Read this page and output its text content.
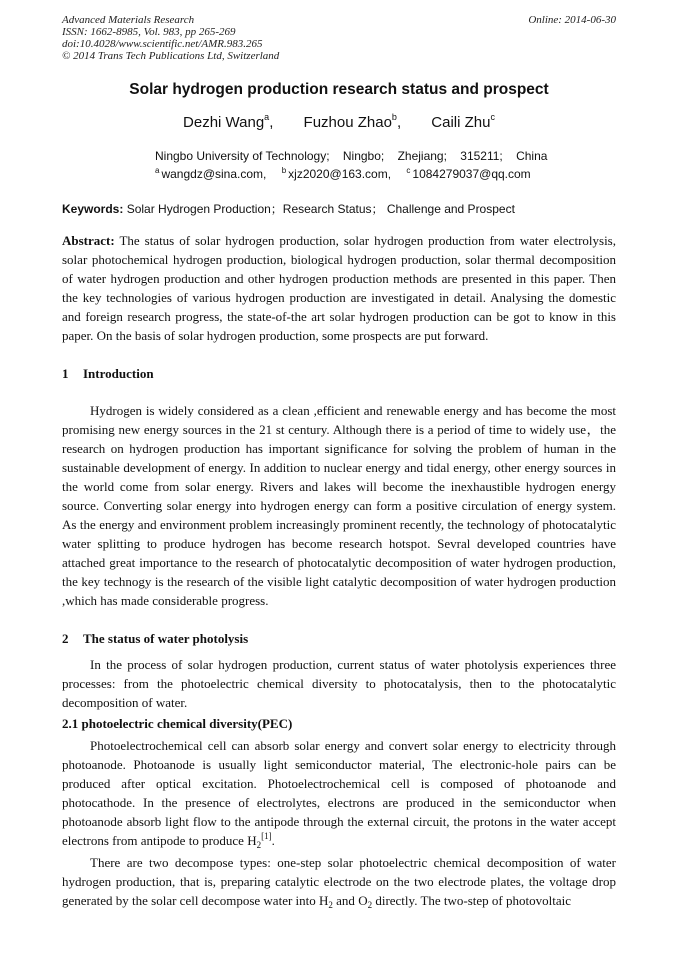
Advanced Materials Research
ISSN: 1662-8985, Vol. 983, pp 265-269
doi:10.4028/www.scientific.net/AMR.983.265
© 2014 Trans Tech Publications Ltd, Switzerland
Online: 2014-06-30
Solar hydrogen production research status and prospect
Dezhi Wang$^a$, Fuzhou Zhao$^b$, Caili Zhu$^c$
Ningbo University of Technology;    Ningbo;    Zhejiang;    315211;    China
$^a$ wangdz@sina.com, $^b$ xjz2020@163.com, $^c$ 1084279037@qq.com
Keywords: Solar Hydrogen Production；Research Status； Challenge and Prospect
Abstract: The status of solar hydrogen production, solar hydrogen production from water electrolysis, solar photochemical hydrogen production, biological hydrogen production, solar thermal decomposition of water hydrogen production and other hydrogen production methods are presented in this paper. Then the key technologies of various hydrogen production are investigated in detail. Analysing the domestic and foreign research progress, the state-of-the art solar hydrogen production can be got to know in this paper. On the basis of solar hydrogen production, some prospects are put forward.
1 Introduction
Hydrogen is widely considered as a clean ,efficient and renewable energy and has become the most promising new energy sources in the 21 st century. Although there is a period of time to widely use，the research on hydrogen production has important significance for solving the problem of human in the sustainable development of energy. In addition to nuclear energy and tidal energy, other energy sources in the world come from solar energy. Rivers and lakes will become the inexhaustible hydrogen energy source. Converting solar energy into hydrogen energy can form a positive circulation of energy system. As the energy and environment problem increasingly prominent recently, the technology of photocatalytic water splitting to produce hydrogen has become research hotspot. Sevral developed countries have attached great importance to the research of photocatalytic decomposition of water hydrogen production, the key technogy is the research of the visible light catalytic decomposition of water hydrogen production ,which has made considerable progress.
2 The status of water photolysis
In the process of solar hydrogen production, current status of water photolysis experiences three processes: from the photoelectric chemical diversity to photocatalysis, then to the photocatalytic decomposition of water.
2.1 photoelectric chemical diversity(PEC)
Photoelectrochemical cell can absorb solar energy and convert solar energy to electricity through photoanode. Photoanode is usually light semiconductor material, The electronic-hole pairs can be produced after optical excitation. Photoelectrochemical cell is composed of photoanode and photocathode. In the presence of electrolytes, electrons are produced in the semiconductor when photoanode absorb light flow to the antipode through the external circuit, the protons in the water accept electrons from antipode to produce $H_2[1]$.
There are two decompose types: one-step solar photoelectric chemical decomposition of water hydrogen production, that is, preparing catalytic electrode on the two electrode plates, the voltage drop generated by the solar cell decompose water into $H_2$ and $O_2$ directly. The two-step of photovoltaic
